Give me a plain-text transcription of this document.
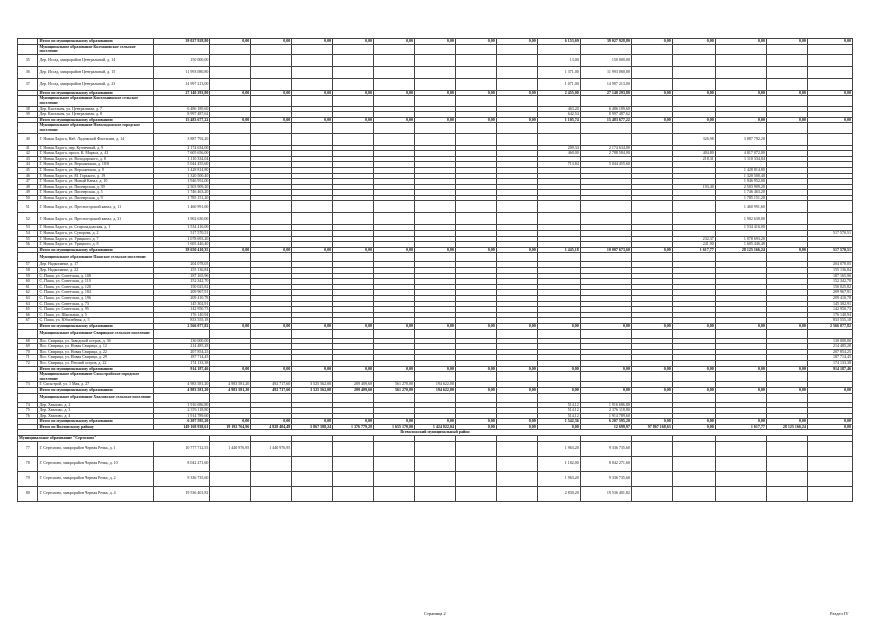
	Итого по муниципальному образованию	39 027 928,80	0,00	0,00	0,00	0,00	0,00	0,00	0,00	0,00	6 153,69	39 027 928,80	0,00	0,00	0,00	0,00	0,00
	Муниципальное образование Колчановское сельское поселение																
35	Дер. Иссад, микрорайон Центральный, д. 14	150 000,00									13,00	150 000,00					
36	Дер. Иссад, микрорайон Центральный, д. 15	11 993 080,80									1 371,00	11 993 080,80					
37	Дер. Иссад, микрорайон Центральный, д. 23	14 997 213,00									1 071,00	14 997 213,00					
	Итого по муниципальному образованию	27 140 293,80	0,00	0,00	0,00	0,00	0,00	0,00	0,00	0,00	2 455,00	27 140 293,80	0,00	0,00	0,00	0,00	0,00
	Муниципальное образование Кисельнинское сельское поселение																
38	Дер. Кисельня, ул. Центральная, д. 7	6 486 189,60									463,20	6 486 189,60					
39	Дер. Кисельня, ул. Центральная, д. 8	8 997 487,62									642,54	8 997 487,62					
	Итого по муниципальному образованию	15 483 677,22	0,00	0,00	0,00	0,00	0,00	0,00	0,00	0,00	1 105,74	15 483 677,22	0,00	0,00	0,00	0,00	0,00
	Муниципальное образование Новоладожское городское поселение																
40	Г. Новая Ладога, Наб. Ладожской Флотилии, д. 14	3 887 792,20												326,98	3 887 792,20		
41	Г. Новая Ладога, пер. Кузнечный, д. 9	2 174 634,00									209,34	2 174 634,00					
42	Г. Новая Ладога, просп. К. Маркса, д. 43	7 605 656,00									460,00	2 788 584,00		404,80	4 817 072,00		
43	Г. Новая Ладога, ул. Володарского, д. 8	1 110 334,04												218,31	1 110 334,04		
44	Г. Новая Ладога, ул. Верхоянская, д. 18/8	5 044 455,60									713,84	5 044 455,60					
45	Г. Новая Ладога, ул. Верхоянская, д. 9	1 428 814,80													1 428 814,80		
46	Г. Новая Ладога, ул. М. Горького, д. 19	1 320 500,40													1 320 500,40		
47	Г. Новая Ладога, ул. Новый Канал, д. 10	1 946 952,00													1 946 952,00		
48	Г. Новая Ладога, ул. Пионерская, д. 39	2 503 909,20												193,40	2 503 909,20		
49	Г. Новая Ладога, ул. Пионерская, д. 5	1 746 463,20													1 746 463,20		
50	Г. Новая Ладога, ул. Пионерская, д. 9	1 785 151,20													1 785 151,20		
51	Г. Новая Ладога, ул. Пресногорский канал, д. 11	1 460 991,60													1 460 991,60		
52	Г. Новая Ладога, ул. Пресногорский канал, д. 31	1 902 630,00													1 902 630,00		
53	Г. Новая Ладога, ул. Староладожская, д. 1	1 534 416,00													1 534 416,00		
54	Г. Новая Ладога, ул. Суворова, д. 2	517 570,51															517 570,51
55	Г. Новая Ладога, ул. Урицкого, д. 7	1 078 693,20												232,37	1 078 693,20		
56	Г. Новая Ладога, ул. Урицкого, д. 8	1 605 446,40												241,90	1 605 446,40		
	Итого по муниципальному образованию	38 650 410,35	0,00	0,00	0,00	0,00	0,00	0,00	0,00	0,00	1 445,18	10 007 673,60	0,00	1 617,77	28 125 166,24	0,00	517 570,51
	Муниципальное образование Пашское сельское поселение																
57	Дер. Надкопанье, д. 17	204 078,05															204 078,05
58	Дер. Надкопанье, д. 22	155 136,84															155 136,84
59	С. Паша, ул. Советская, д. 108	187 165,96															187 165,96
60	С. Паша, ул. Советская, д. 110	152 342,70															152 342,70
61	С. Паша, ул. Советская, д. 120	150 025,82															150 025,82
62	С. Паша, ул. Советская, д. 184	209 967,91															209 967,91
63	С. Паша, ул. Советская, д. 196	209 410,78															209 410,78
64	С. Паша, ул. Советская, д. 73	145 302,91															145 302,91
65	С. Паша, ул. Советская, д. 95	142 950,73															142 950,73
66	С. Паша, ул. Школьная, д. 5	176 140,94															176 140,94
67	С. Паша, ул. Юбилейная, д. 5	833 555,18															833 555,18
	Итого по муниципальному образованию	2 566 077,82	0,00	0,00	0,00	0,00	0,00	0,00	0,00	0,00	0,00	0,00	0,00	0,00	0,00	0,00	2 566 077,82
	Муниципальное образование Свирицкое сельское поселение																
68	Пос. Свирица, ул. Заводской остров, д. 36	130 000,00															130 000,00
69	Пос. Свирица, ул. Новая Свирица, д. 12	214 485,28															214 485,28
70	Пос. Свирица, ул. Новая Свирица, д. 22	207 854,25															207 854,25
71	Пос. Свирица, ул. Новая Свирица, д. 29	187 714,45															187 714,45
72	Пос. Свирица, ул. Птичий остров, д. 22	174 133,38															174 133,38
	Итого по муниципальному образованию	914 187,46	0,00	0,00	0,00	0,00	0,00	0,00	0,00	0,00	0,00	0,00	0,00	0,00	0,00	0,00	914 187,46
	Муниципальное образование Сясьстройское городское поселение																
73	Г. Сясьстрой, ул. 1 Мая, д. 27	4 983 581,20	4 983 581,20	492 717,60	3 525 562,00	209 409,60	561 270,00	194 622,00									
	Итого по муниципальному образованию	4 983 581,20	4 983 581,20	492 717,60	3 525 562,00	209 409,60	561 270,00	194 622,00	0,00	0,00	0,00	0,00	0,00	0,00	0,00	0,00	0,00
	Муниципальное образование Хваловское сельское поселение																
74	Дер. Хвалово, д. 2	1 916 686,80									514,12	1 916 686,80					
75	Дер. Хвалово, д. 3	2 376 118,80									514,12	2 376 118,80					
76	Дер. Хвалово, д. 4	1 914 789,60									514,12	1 914 789,60					
	Итого по муниципальному образованию	6 207 595,20	0,00	0,00	0,00	0,00	0,00	0,00	0,00	0,00	1 542,36	6 207 595,20	0,00	0,00	0,00	0,00	0,00
	Итого по Волховскому району	149 168 938,61	19 192 764,96	4 828 404,48	5 867 588,24	1 376 779,20	1 655 170,00	1 424 822,04	0,00	0,00	0,00	12 699,97	97 867 168,63	0,00	1 617,77	28 125 166,24	0,00
Всеволожский муниципальный район																	
Муниципальное образование "Сертолово"																	
77	Г. Сертолово, микрорайон Черная Речка, д. 1	10 777 712,55	1 440 976,95	1 440 976,95							1 963,20	9 336 735,60					
78	Г. Сертолово, микрорайон Черная Речка, д. 10	8 042 271,60									1 182,00	8 042 271,60					
79	Г. Сертолово, микрорайон Черная Речка, д. 2	9 336 735,60									1 963,20	9 336 735,60					
80	Г. Сертолово, микрорайон Черная Речка, д. 4	19 536 401,82									2 830,20	19 536 401,82					
Страница 2	Раздел IV
